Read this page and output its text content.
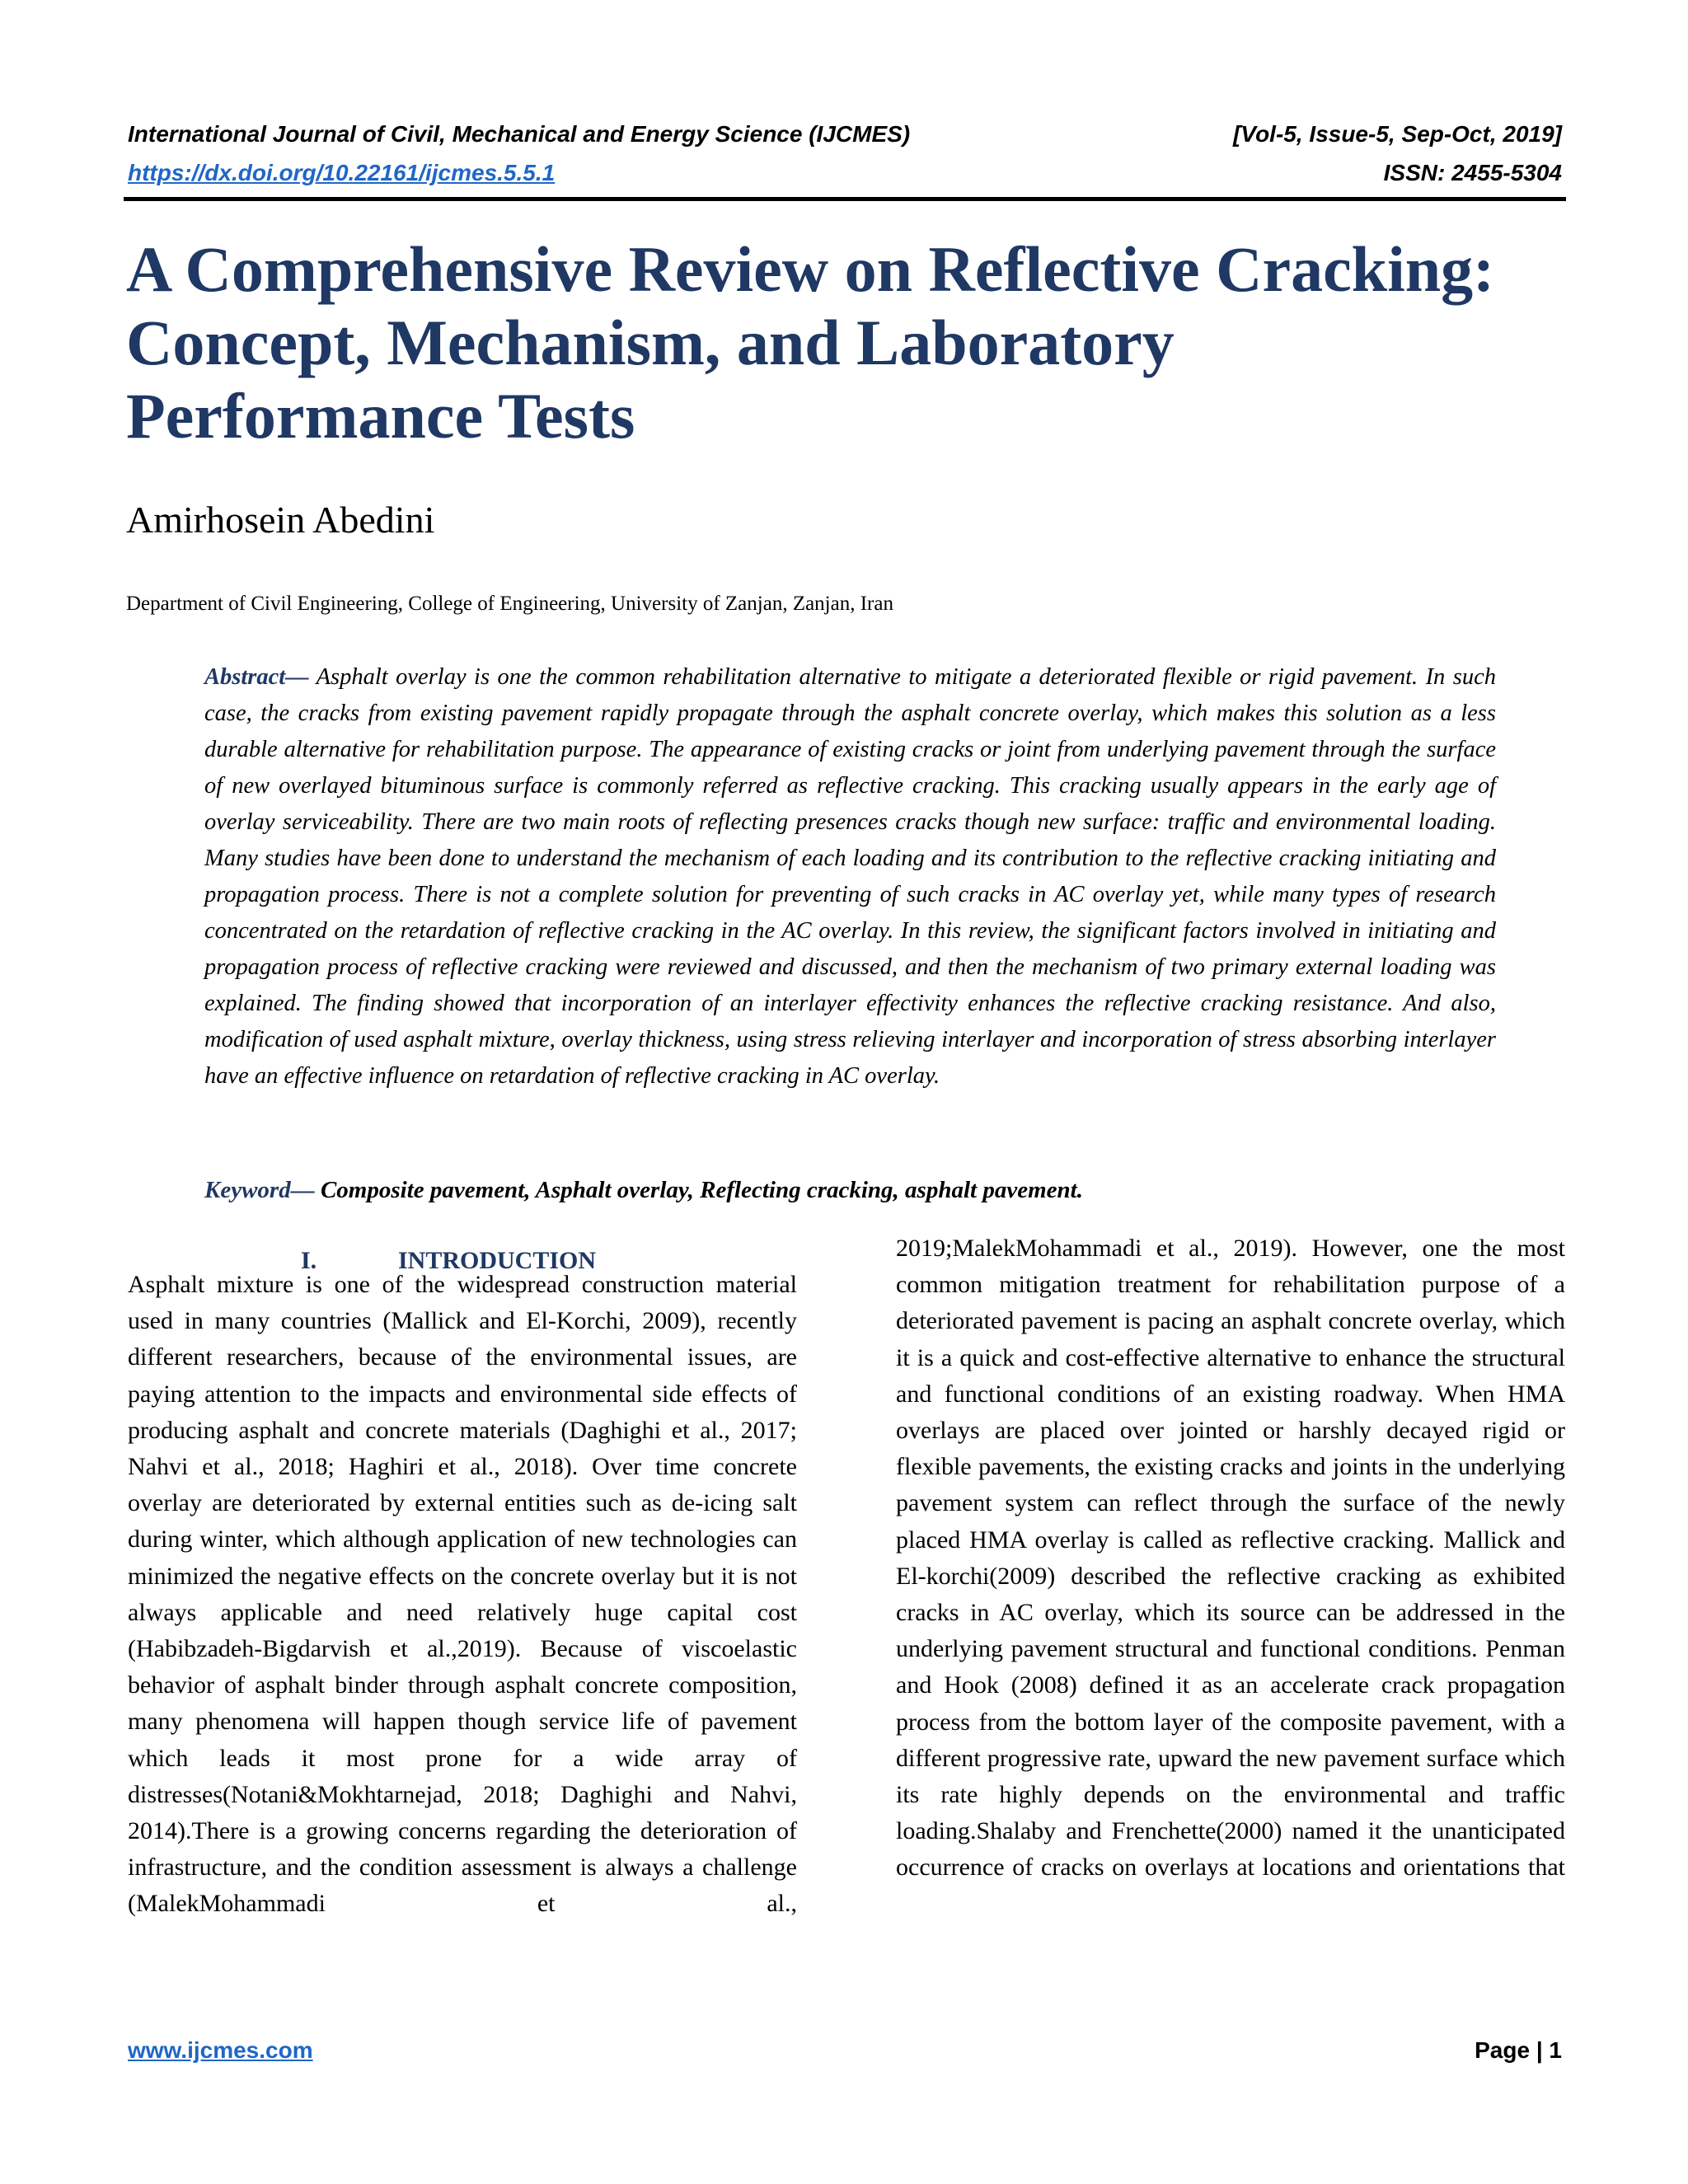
International Journal of Civil, Mechanical and Energy Science (IJCMES)	[Vol-5, Issue-5, Sep-Oct, 2019]
https://dx.doi.org/10.22161/ijcmes.5.5.1	ISSN: 2455-5304
A Comprehensive Review on Reflective Cracking:
Concept, Mechanism, and Laboratory
Performance Tests

Amirhosein Abedini

Department of Civil Engineering, College of Engineering, University of Zanjan, Zanjan, Iran

Abstract— Asphalt overlay is one the common rehabilitation alternative to mitigate a deteriorated flexible or rigid pavement. In such case, the cracks from existing pavement rapidly propagate through the asphalt concrete overlay, which makes this solution as a less durable alternative for rehabilitation purpose. The appearance of existing cracks or joint from underlying pavement through the surface of new overlayed bituminous surface is commonly referred as reflective cracking. This cracking usually appears in the early age of overlay serviceability. There are two main roots of reflecting presences cracks though new surface: traffic and environmental loading. Many studies have been done to understand the mechanism of each loading and its contribution to the reflective cracking initiating and propagation process. There is not a complete solution for preventing of such cracks in AC overlay yet, while many types of research concentrated on the retardation of reflective cracking in the AC overlay. In this review, the significant factors involved in initiating and propagation process of reflective cracking were reviewed and discussed, and then the mechanism of two primary external loading was explained. The finding showed that incorporation of an interlayer effectivity enhances the reflective cracking resistance. And also, modification of used asphalt mixture, overlay thickness, using stress relieving interlayer and incorporation of stress absorbing interlayer have an effective influence on retardation of reflective cracking in AC overlay.

Keyword— Composite pavement, Asphalt overlay, Reflecting cracking, asphalt pavement.

I.	INTRODUCTION

Asphalt mixture is one of the widespread construction material used in many countries (Mallick and El-Korchi, 2009), recently different researchers, because of the environmental issues, are paying attention to the impacts and environmental side effects of producing asphalt and concrete materials (Daghighi et al., 2017; Nahvi et al., 2018; Haghiri et al., 2018). Over time concrete overlay are deteriorated by external entities such as de-icing salt during winter, which although application of new technologies can minimized the negative effects on the concrete overlay but it is not always applicable and need relatively huge capital cost (Habibzadeh-Bigdarvish et al.,2019). Because of viscoelastic behavior of asphalt binder through asphalt concrete composition, many phenomena will happen though service life of pavement which leads it most prone for a wide array of distresses(Notani&Mokhtarnejad, 2018; Daghighi and Nahvi, 2014).There is a growing concerns regarding the deterioration of infrastructure, and the condition assessment is always a challenge (MalekMohammadi et al.,

2019;MalekMohammadi et al., 2019). However, one the most common mitigation treatment for rehabilitation purpose of a deteriorated pavement is pacing an asphalt concrete overlay, which it is a quick and cost-effective alternative to enhance the structural and functional conditions of an existing roadway. When HMA overlays are placed over jointed or harshly decayed rigid or flexible pavements, the existing cracks and joints in the underlying pavement system can reflect through the surface of the newly placed HMA overlay is called as reflective cracking. Mallick and El-korchi(2009) described the reflective cracking as exhibited cracks in AC overlay, which its source can be addressed in the underlying pavement structural and functional conditions. Penman and Hook (2008) defined it as an accelerate crack propagation process from the bottom layer of the composite pavement, with a different progressive rate, upward the new pavement surface which its rate highly depends on the environmental and traffic loading.Shalaby and Frenchette(2000) named it the unanticipated occurrence of cracks on overlays at locations and orientations that

www.ijcmes.com	Page | 1
